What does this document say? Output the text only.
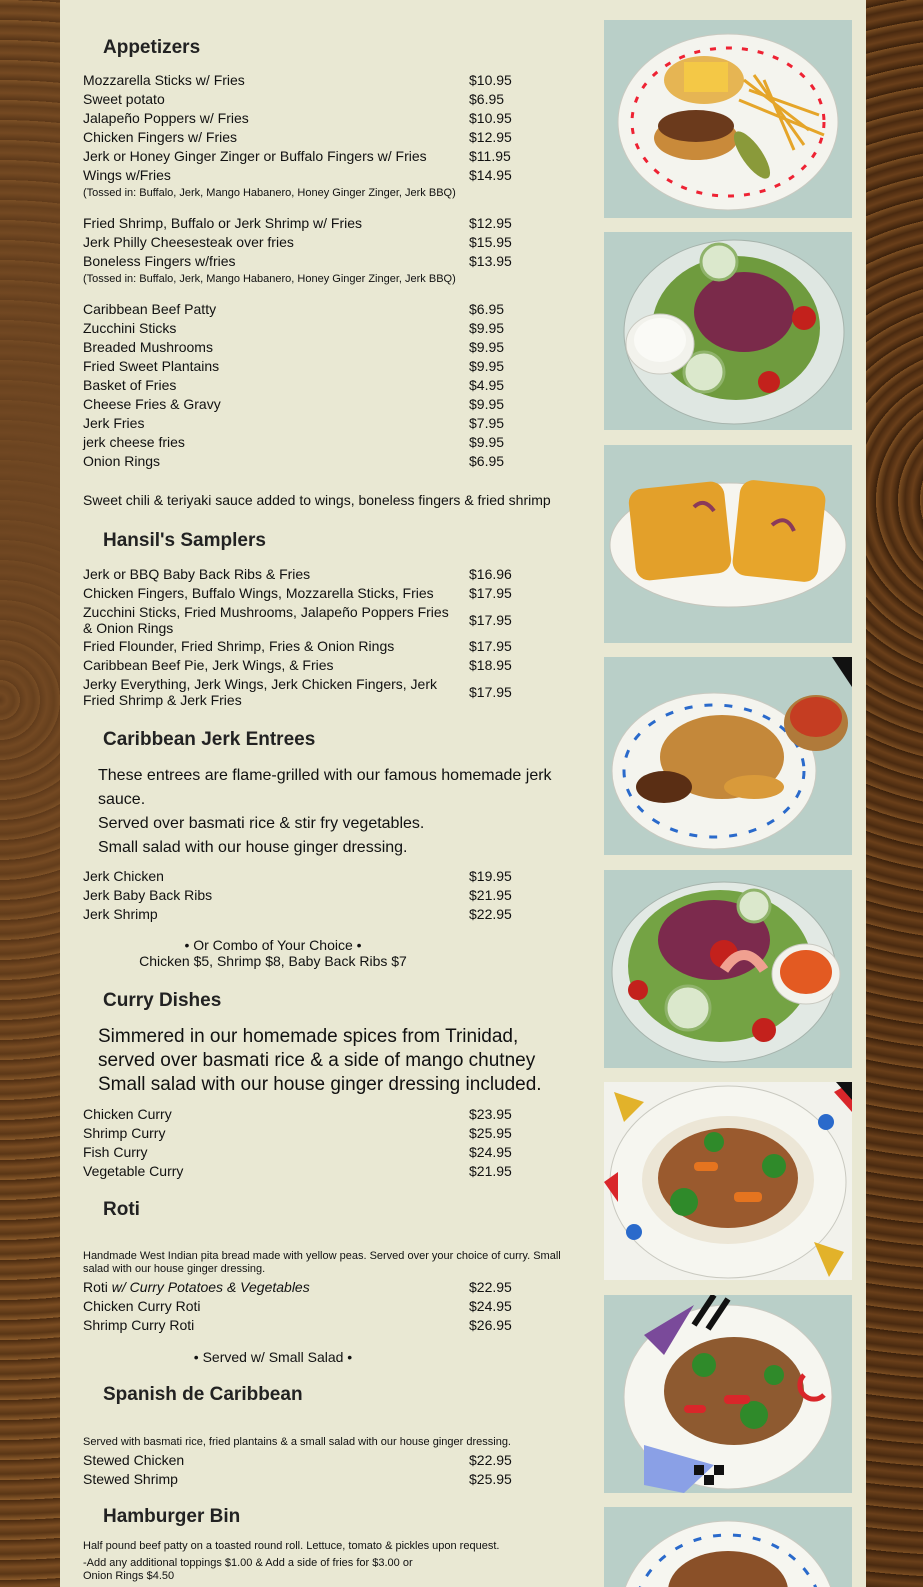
Appetizers
Mozzarella Sticks w/ Fries	$10.95
Sweet potato	$6.95
Jalapeño Poppers w/ Fries	$10.95
Chicken Fingers w/ Fries	$12.95
Jerk or Honey Ginger Zinger or Buffalo Fingers w/ Fries	$11.95
Wings w/Fries	$14.95
(Tossed in: Buffalo, Jerk, Mango Habanero, Honey Ginger Zinger, Jerk BBQ)
Fried Shrimp, Buffalo or Jerk Shrimp w/ Fries	$12.95
Jerk Philly Cheesesteak over fries	$15.95
Boneless Fingers w/fries	$13.95
(Tossed in: Buffalo, Jerk, Mango Habanero, Honey Ginger Zinger, Jerk BBQ)
Caribbean Beef Patty	$6.95
Zucchini Sticks	$9.95
Breaded Mushrooms	$9.95
Fried Sweet Plantains	$9.95
Basket of Fries	$4.95
Cheese Fries & Gravy	$9.95
Jerk Fries	$7.95
jerk cheese fries	$9.95
Onion Rings	$6.95
Sweet chili & teriyaki sauce added to wings, boneless fingers & fried shrimp
Hansil's Samplers
Jerk or BBQ Baby Back Ribs & Fries	$16.96
Chicken Fingers, Buffalo Wings, Mozzarella Sticks, Fries	$17.95
Zucchini Sticks, Fried Mushrooms, Jalapeño Poppers Fries & Onion Rings	$17.95
Fried Flounder, Fried Shrimp, Fries & Onion Rings	$17.95
Caribbean Beef Pie, Jerk Wings, & Fries	$18.95
Jerky Everything, Jerk Wings, Jerk Chicken Fingers, Jerk Fried Shrimp & Jerk Fries	$17.95
Caribbean Jerk Entrees
These entrees are flame-grilled with our famous homemade jerk sauce.
Served over basmati rice & stir fry vegetables.
Small salad with our house ginger dressing.
Jerk Chicken	$19.95
Jerk Baby Back Ribs	$21.95
Jerk Shrimp	$22.95
• Or Combo of Your Choice •
Chicken $5, Shrimp $8, Baby Back Ribs $7
Curry Dishes
Simmered in our homemade spices from Trinidad,
served over basmati rice & a side of mango chutney
Small salad with our house ginger dressing included.
Chicken Curry	$23.95
Shrimp Curry	$25.95
Fish Curry	$24.95
Vegetable Curry	$21.95
Roti
Handmade West Indian pita bread made with yellow peas. Served over your choice of curry. Small salad with our house ginger dressing.
Roti w/ Curry Potatoes & Vegetables	$22.95
Chicken Curry Roti	$24.95
Shrimp Curry Roti	$26.95
• Served w/ Small Salad •
Spanish de Caribbean
Served with basmati rice, fried plantains & a small salad with our house ginger dressing.
Stewed Chicken	$22.95
Stewed Shrimp	$25.95
Hamburger Bin
Half pound beef patty on a toasted round roll. Lettuce, tomato & pickles upon request.
-Add any additional toppings $1.00 & Add a side of fries for $3.00 or Onion Rings $4.50
